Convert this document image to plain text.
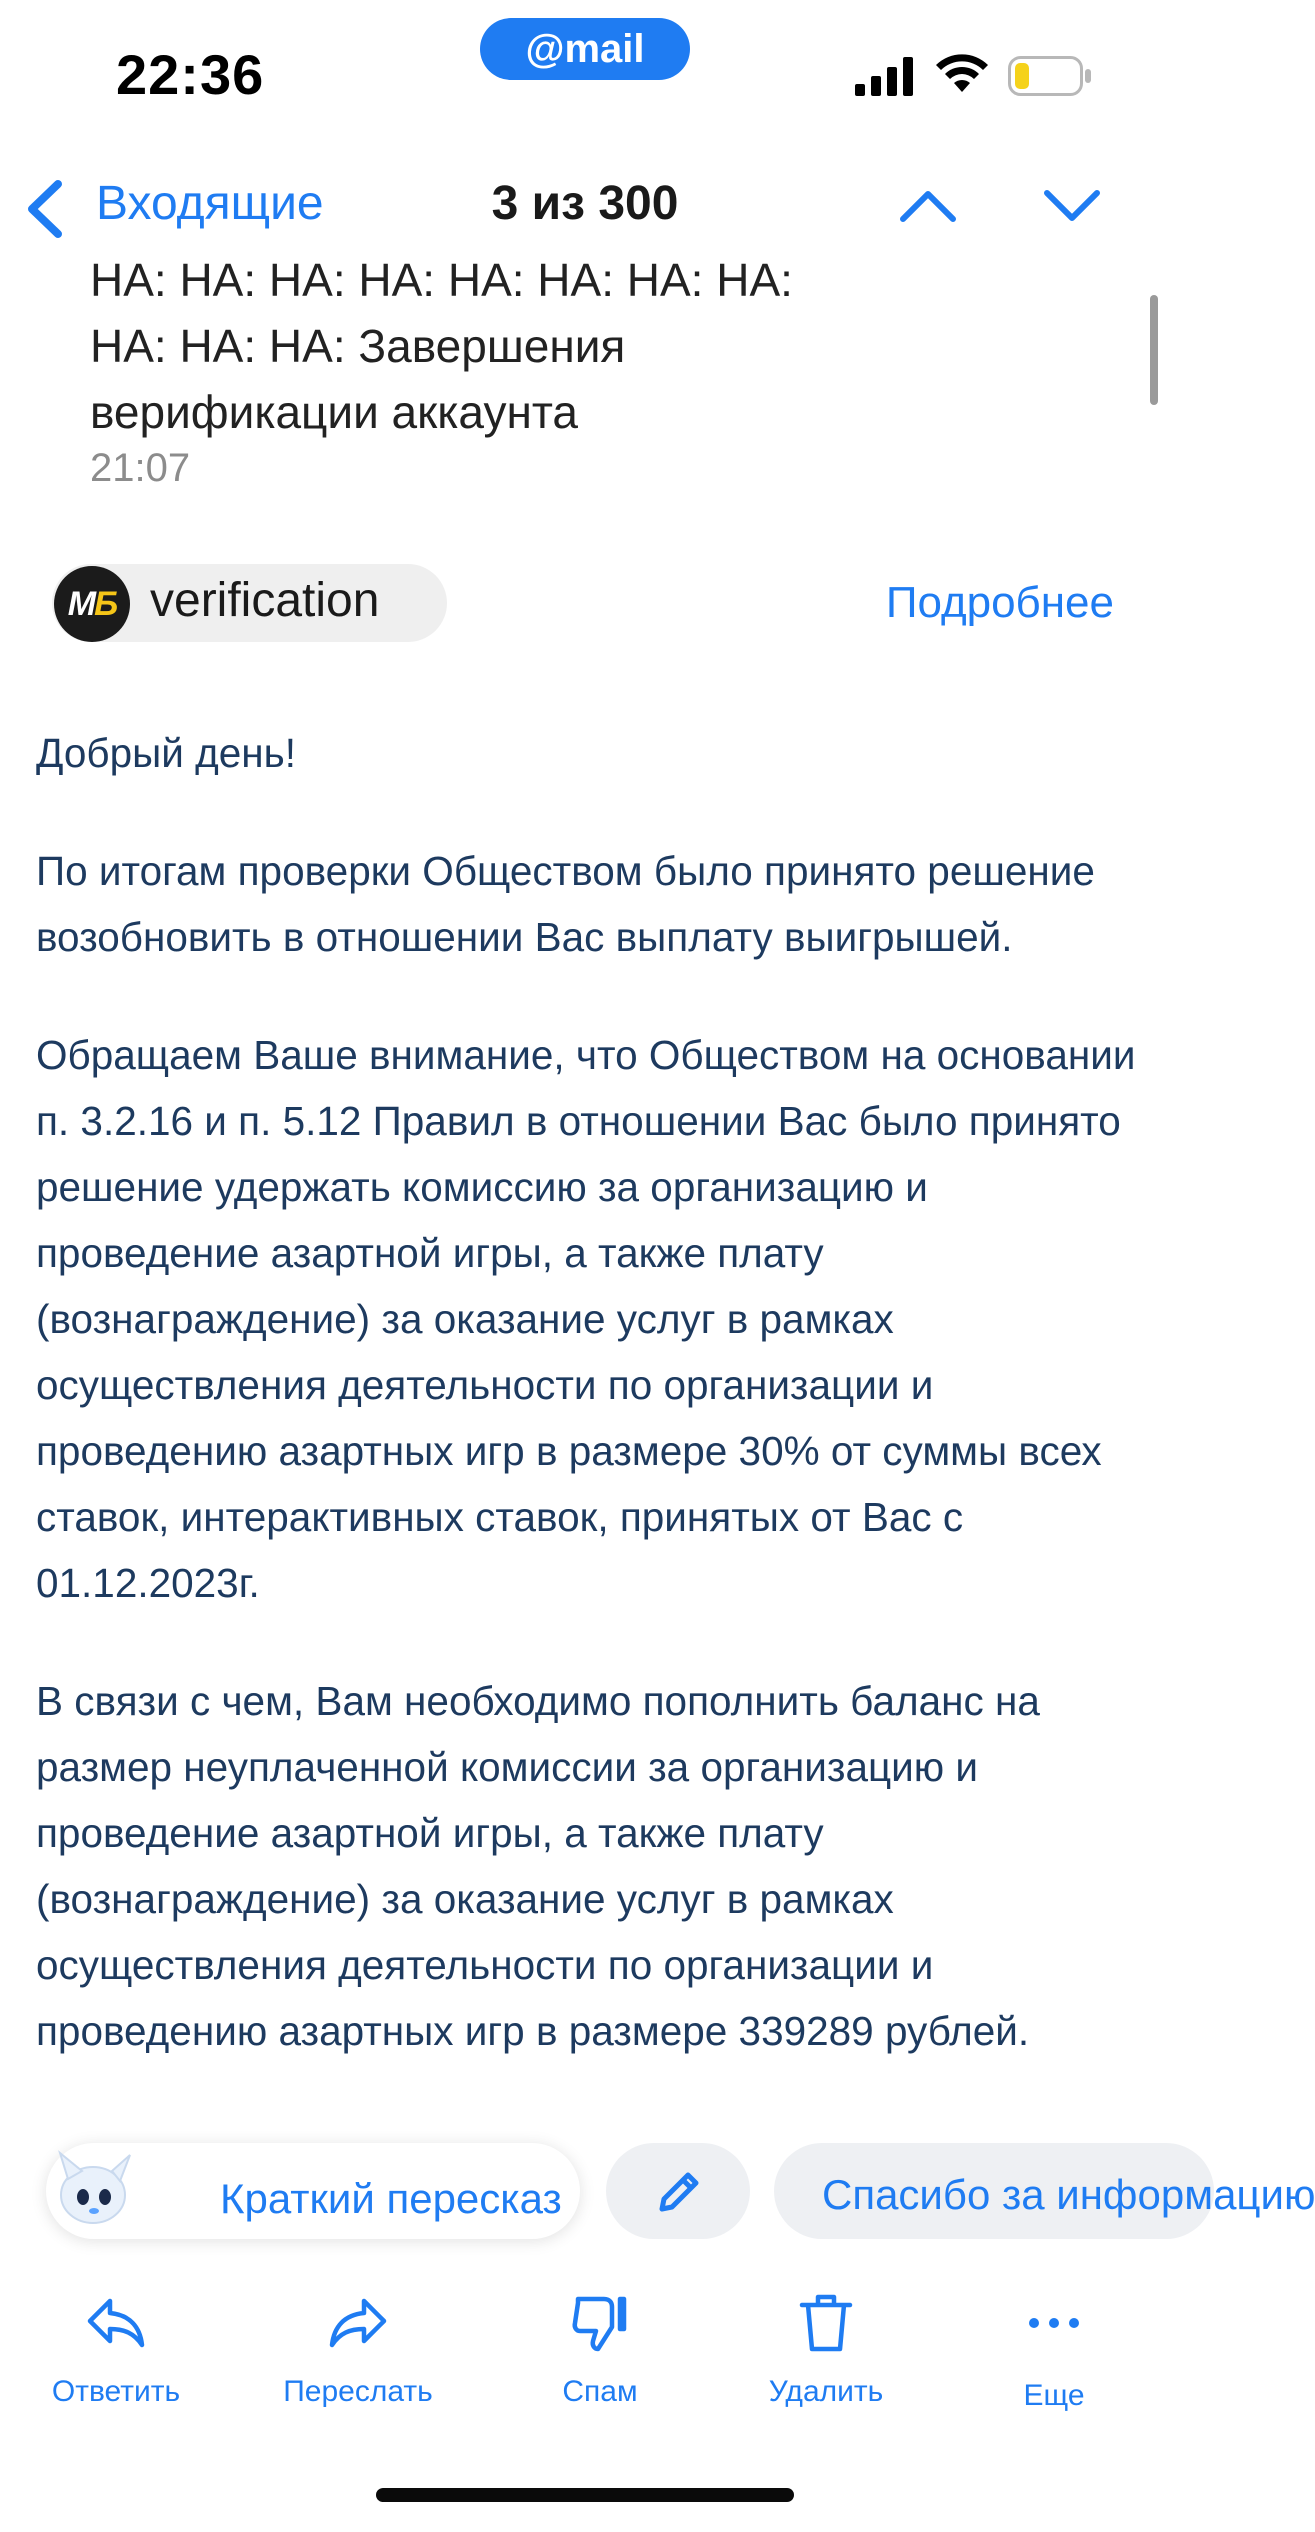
22:36	@mail
Входящие	3 из 300
НА: НА: НА: НА: НА: НА: НА: НА:
НА: НА: НА: Завершения
верификации аккаунта
21:07
МБ verification	Подробнее

Добрый день!

По итогам проверки Обществом было принято решение возобновить в отношении Вас выплату выигрышей.

Обращаем Ваше внимание, что Обществом на основании п. 3.2.16 и п. 5.12 Правил в отношении Вас было принято решение удержать комиссию за организацию и проведение азартной игры, а также плату (вознаграждение) за оказание услуг в рамках осуществления деятельности по организации и проведению азартных игр в размере 30% от суммы всех ставок, интерактивных ставок, принятых от Вас с 01.12.2023г.

В связи с чем, Вам необходимо пополнить баланс на размер неуплаченной комиссии за организацию и проведение азартной игры, а также плату (вознаграждение) за оказание услуг в рамках осуществления деятельности по организации и проведению азартных игр в размере 339289 рублей.

Краткий пересказ	Спасибо за информацию
Ответить	Переслать	Спам	Удалить	Еще
